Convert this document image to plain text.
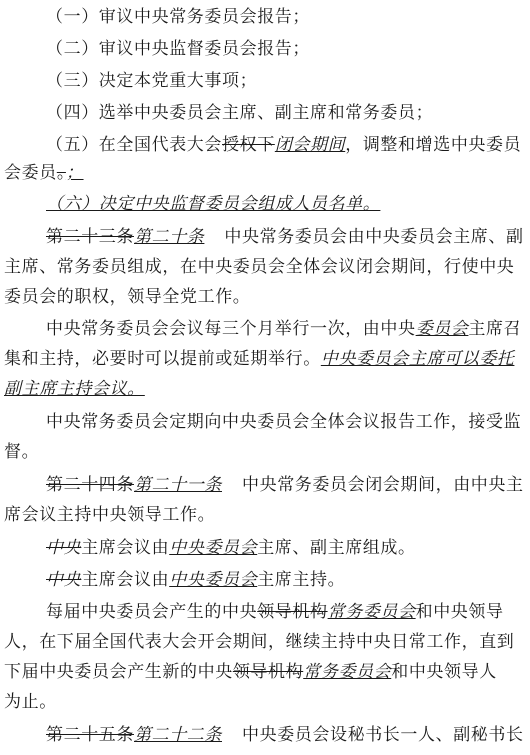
（一）审议中央常务委员会报告；
（二）审议中央监督委员会报告；
（三）决定本党重大事项；
（四）选举中央委员会主席、副主席和常务委员；
（五）在全国代表大会授权下闭会期间，调整和增选中央委员
会委员。；
（六）决定中央监督委员会组成人员名单。
第二十三条第二十条 中央常务委员会由中央委员会主席、副
主席、常务委员组成，在中央委员会全体会议闭会期间，行使中央
委员会的职权，领导全党工作。
中央常务委员会会议每三个月举行一次，由中央委员会主席召
集和主持，必要时可以提前或延期举行。中央委员会主席可以委托
副主席主持会议。
中央常务委员会定期向中央委员会全体会议报告工作，接受监
督。
第二十四条第二十一条 中央常务委员会闭会期间，由中央主
席会议主持中央领导工作。
中央主席会议由中央委员会主席、副主席组成。
中央主席会议由中央委员会主席主持。
每届中央委员会产生的中央领导机构常务委员会和中央领导
人，在下届全国代表大会开会期间，继续主持中央日常工作，直到
下届中央委员会产生新的中央领导机构常务委员会和中央领导人
为止。
第二十五条第二十二条 中央委员会设秘书长一人、副秘书长
